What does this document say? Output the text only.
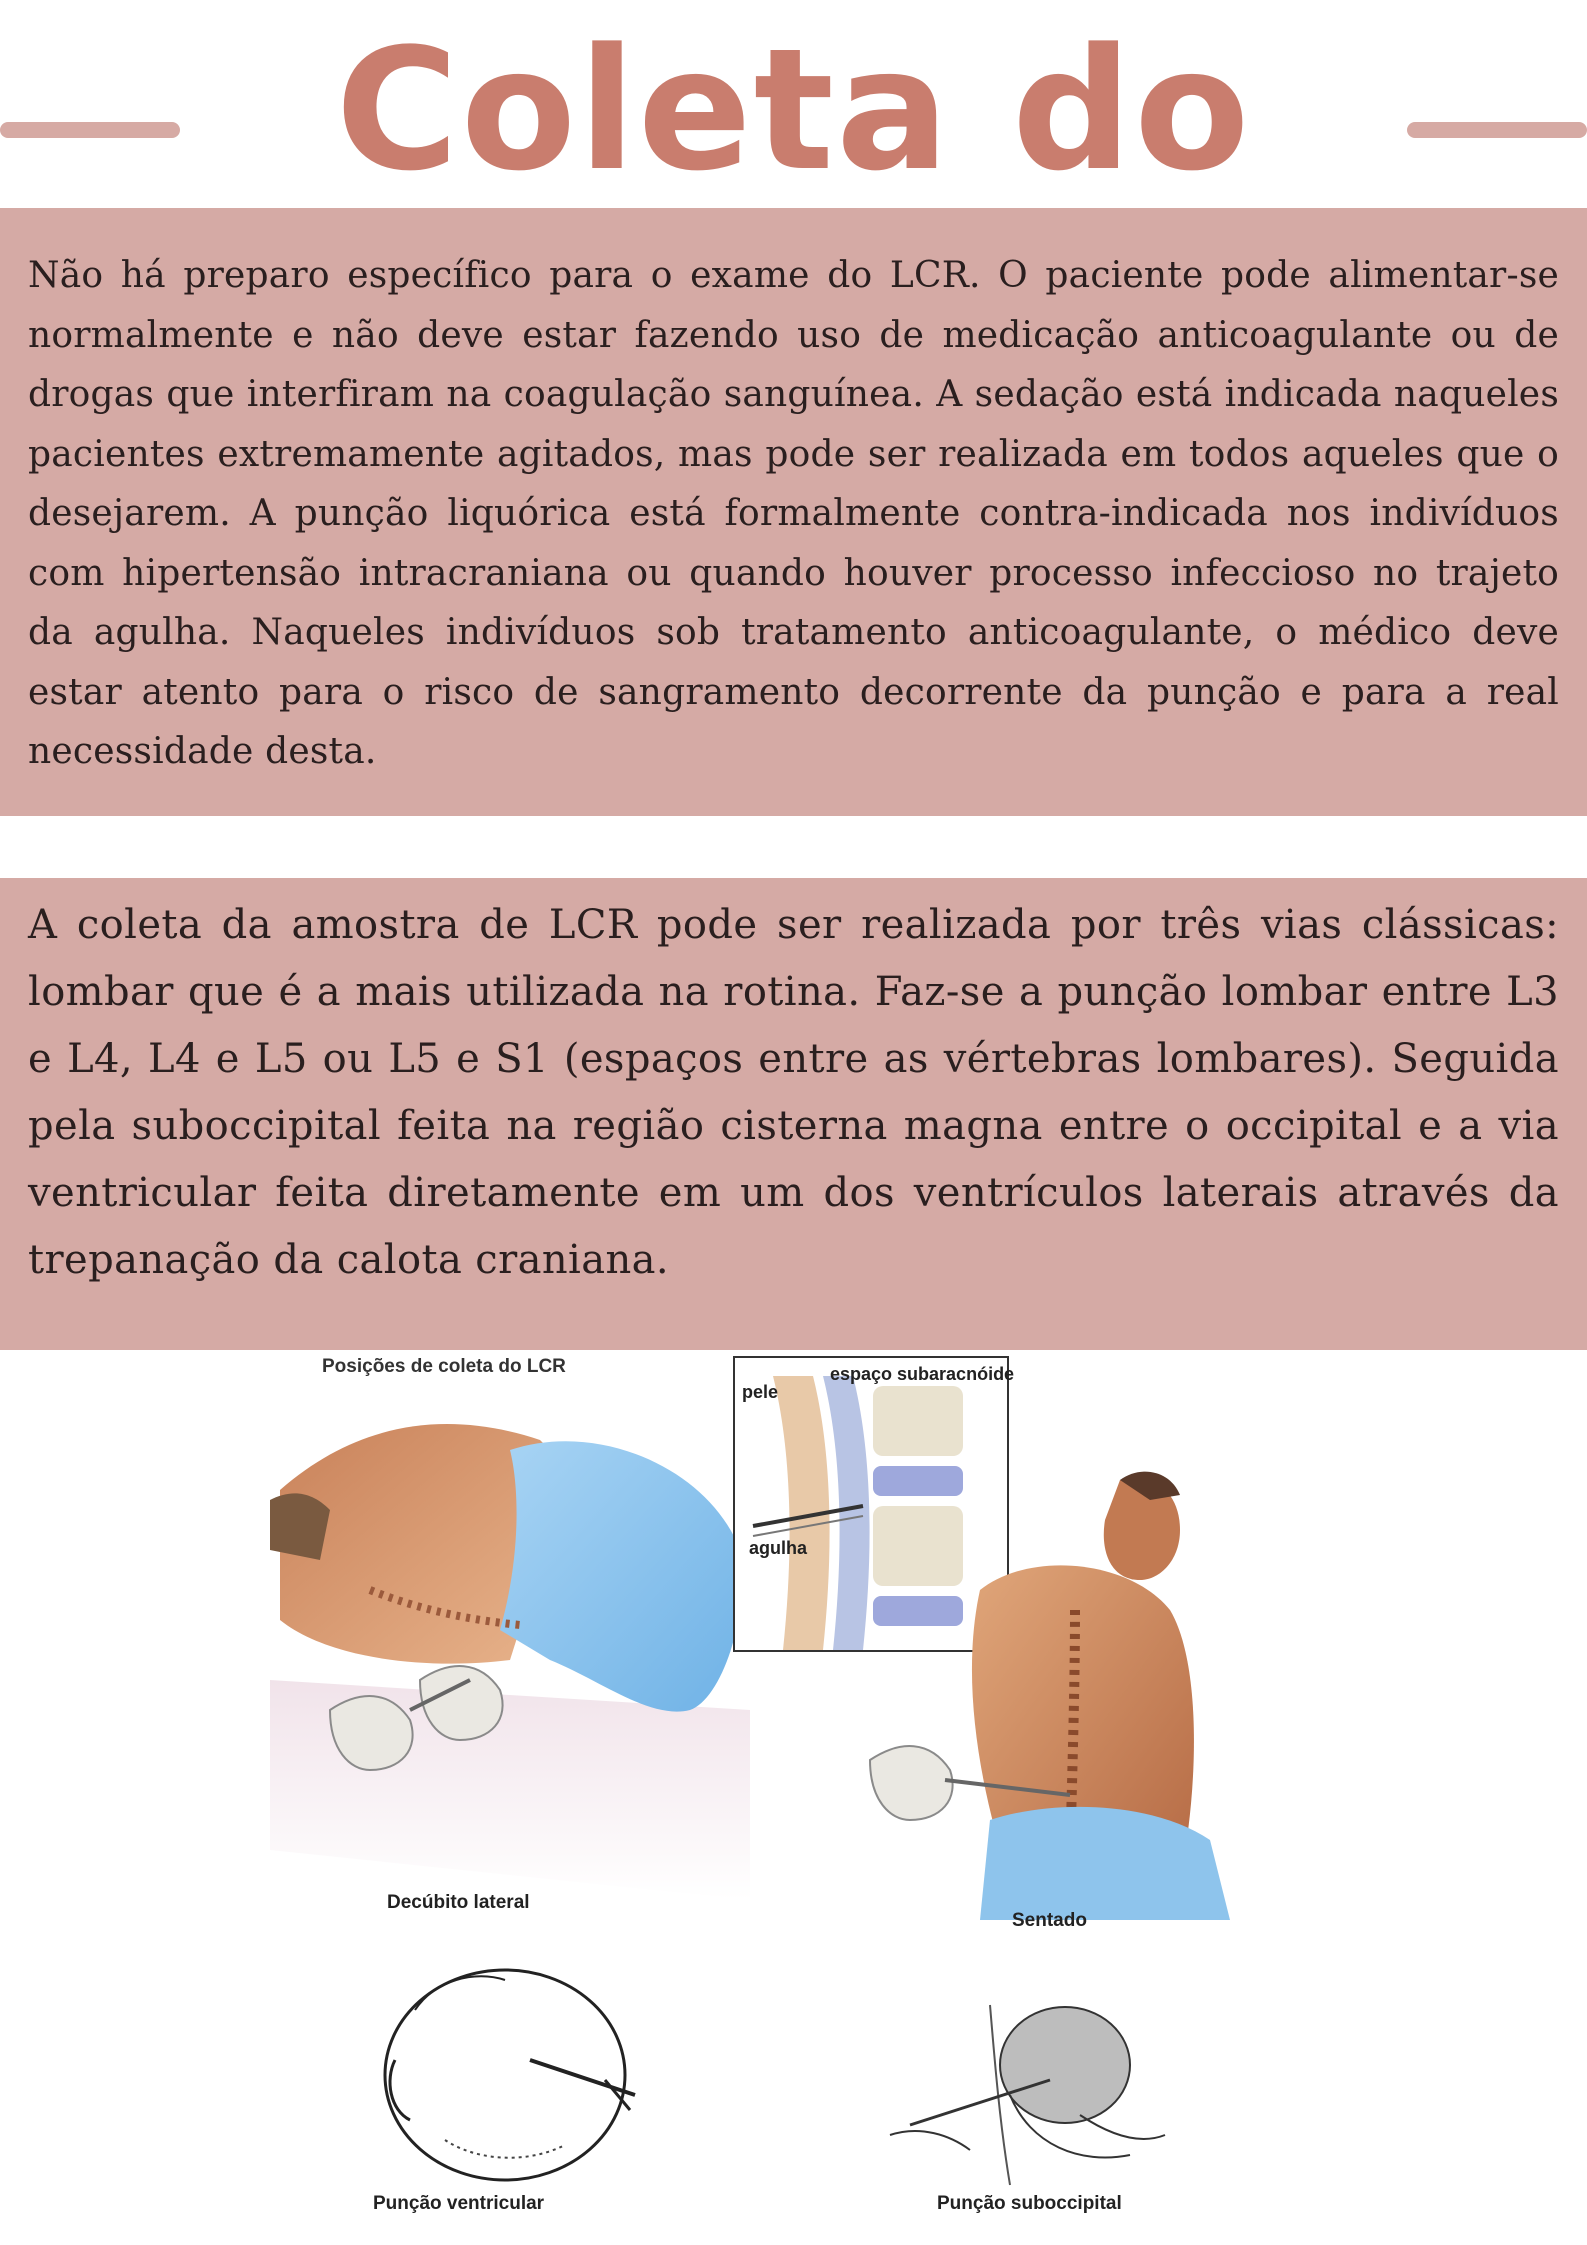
Coleta do

Não há preparo específico para o exame do LCR. O paciente pode alimentar-se normalmente e não deve estar fazendo uso de medicação anticoagulante ou de drogas que interfiram na coagulação sanguínea. A sedação está indicada naqueles pacientes extremamente agitados, mas pode ser realizada em todos aqueles que o desejarem. A punção liquórica está formalmente contra-indicada nos indivíduos com hipertensão intracraniana ou quando houver processo infeccioso no trajeto da agulha. Naqueles indivíduos sob tratamento anticoagulante, o médico deve estar atento para o risco de sangramento decorrente da punção e para a real necessidade desta.

A coleta da amostra de LCR pode ser realizada por três vias clássicas: lombar que é a mais utilizada na rotina. Faz-se a punção lombar entre L3 e L4, L4 e L5 ou L5 e S1 (espaços entre as vértebras lombares). Seguida pela suboccipital feita na região cisterna magna entre o occipital e a via ventricular feita diretamente em um dos ventrículos laterais através da trepanação da calota craniana.

Posições de coleta do LCR
Decúbito lateral
espaço subaracnóide
pele
agulha
Sentado
Punção ventricular	Punção suboccipital
